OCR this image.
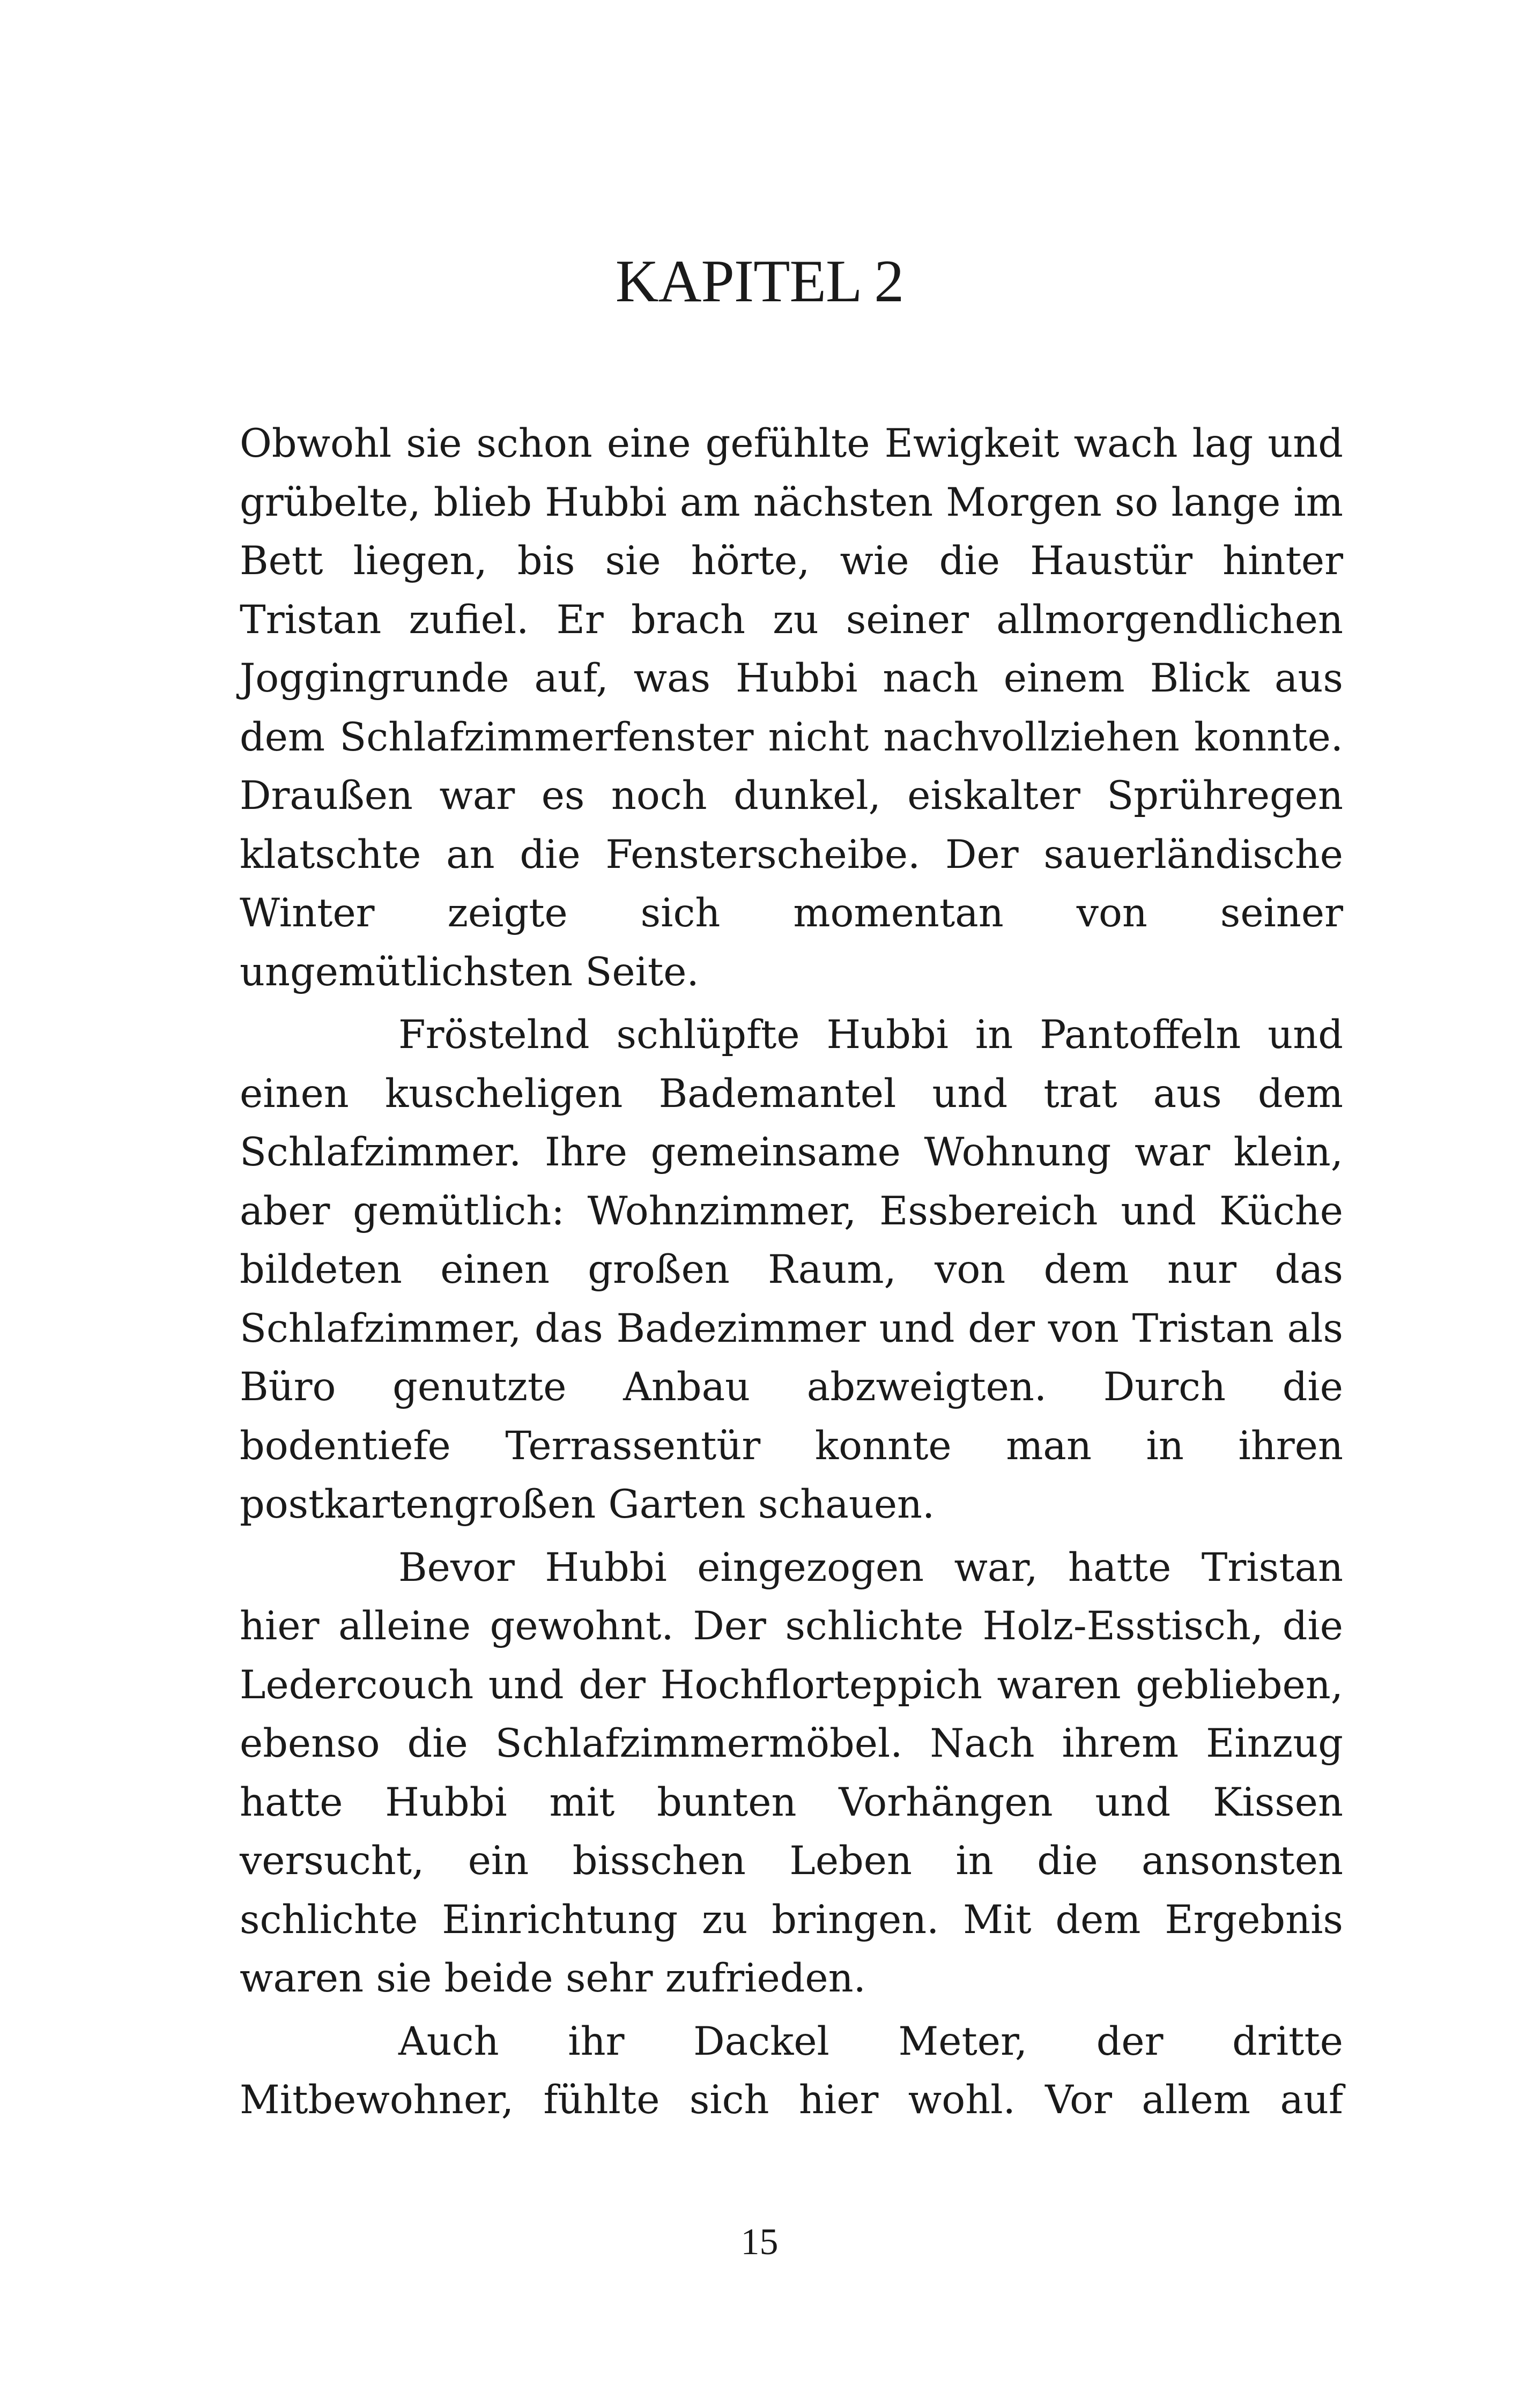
KAPITEL 2

Obwohl sie schon eine gefühlte Ewigkeit wach lag und grübelte, blieb Hubbi am nächsten Morgen so lange im Bett liegen, bis sie hörte, wie die Haustür hinter Tristan zufiel. Er brach zu seiner allmorgendlichen Joggingrunde auf, was Hubbi nach einem Blick aus dem Schlafzimmerfenster nicht nachvollziehen konnte. Draußen war es noch dunkel, eiskalter Sprühregen klatschte an die Fensterscheibe. Der sauerländische Winter zeigte sich momentan von seiner ungemütlichsten Seite.

Fröstelnd schlüpfte Hubbi in Pantoffeln und einen kuscheligen Bademantel und trat aus dem Schlafzimmer. Ihre gemeinsame Wohnung war klein, aber gemütlich: Wohnzimmer, Essbereich und Küche bildeten einen großen Raum, von dem nur das Schlafzimmer, das Badezimmer und der von Tristan als Büro genutzte Anbau abzweigten. Durch die bodentiefe Terrassentür konnte man in ihren postkartengroßen Garten schauen.

Bevor Hubbi eingezogen war, hatte Tristan hier alleine gewohnt. Der schlichte Holz-Esstisch, die Ledercouch und der Hochflorteppich waren geblieben, ebenso die Schlafzimmermöbel. Nach ihrem Einzug hatte Hubbi mit bunten Vorhängen und Kissen versucht, ein bisschen Leben in die ansonsten schlichte Einrichtung zu bringen. Mit dem Ergebnis waren sie beide sehr zufrieden.

Auch ihr Dackel Meter, der dritte Mitbewohner, fühlte sich hier wohl. Vor allem auf

15
